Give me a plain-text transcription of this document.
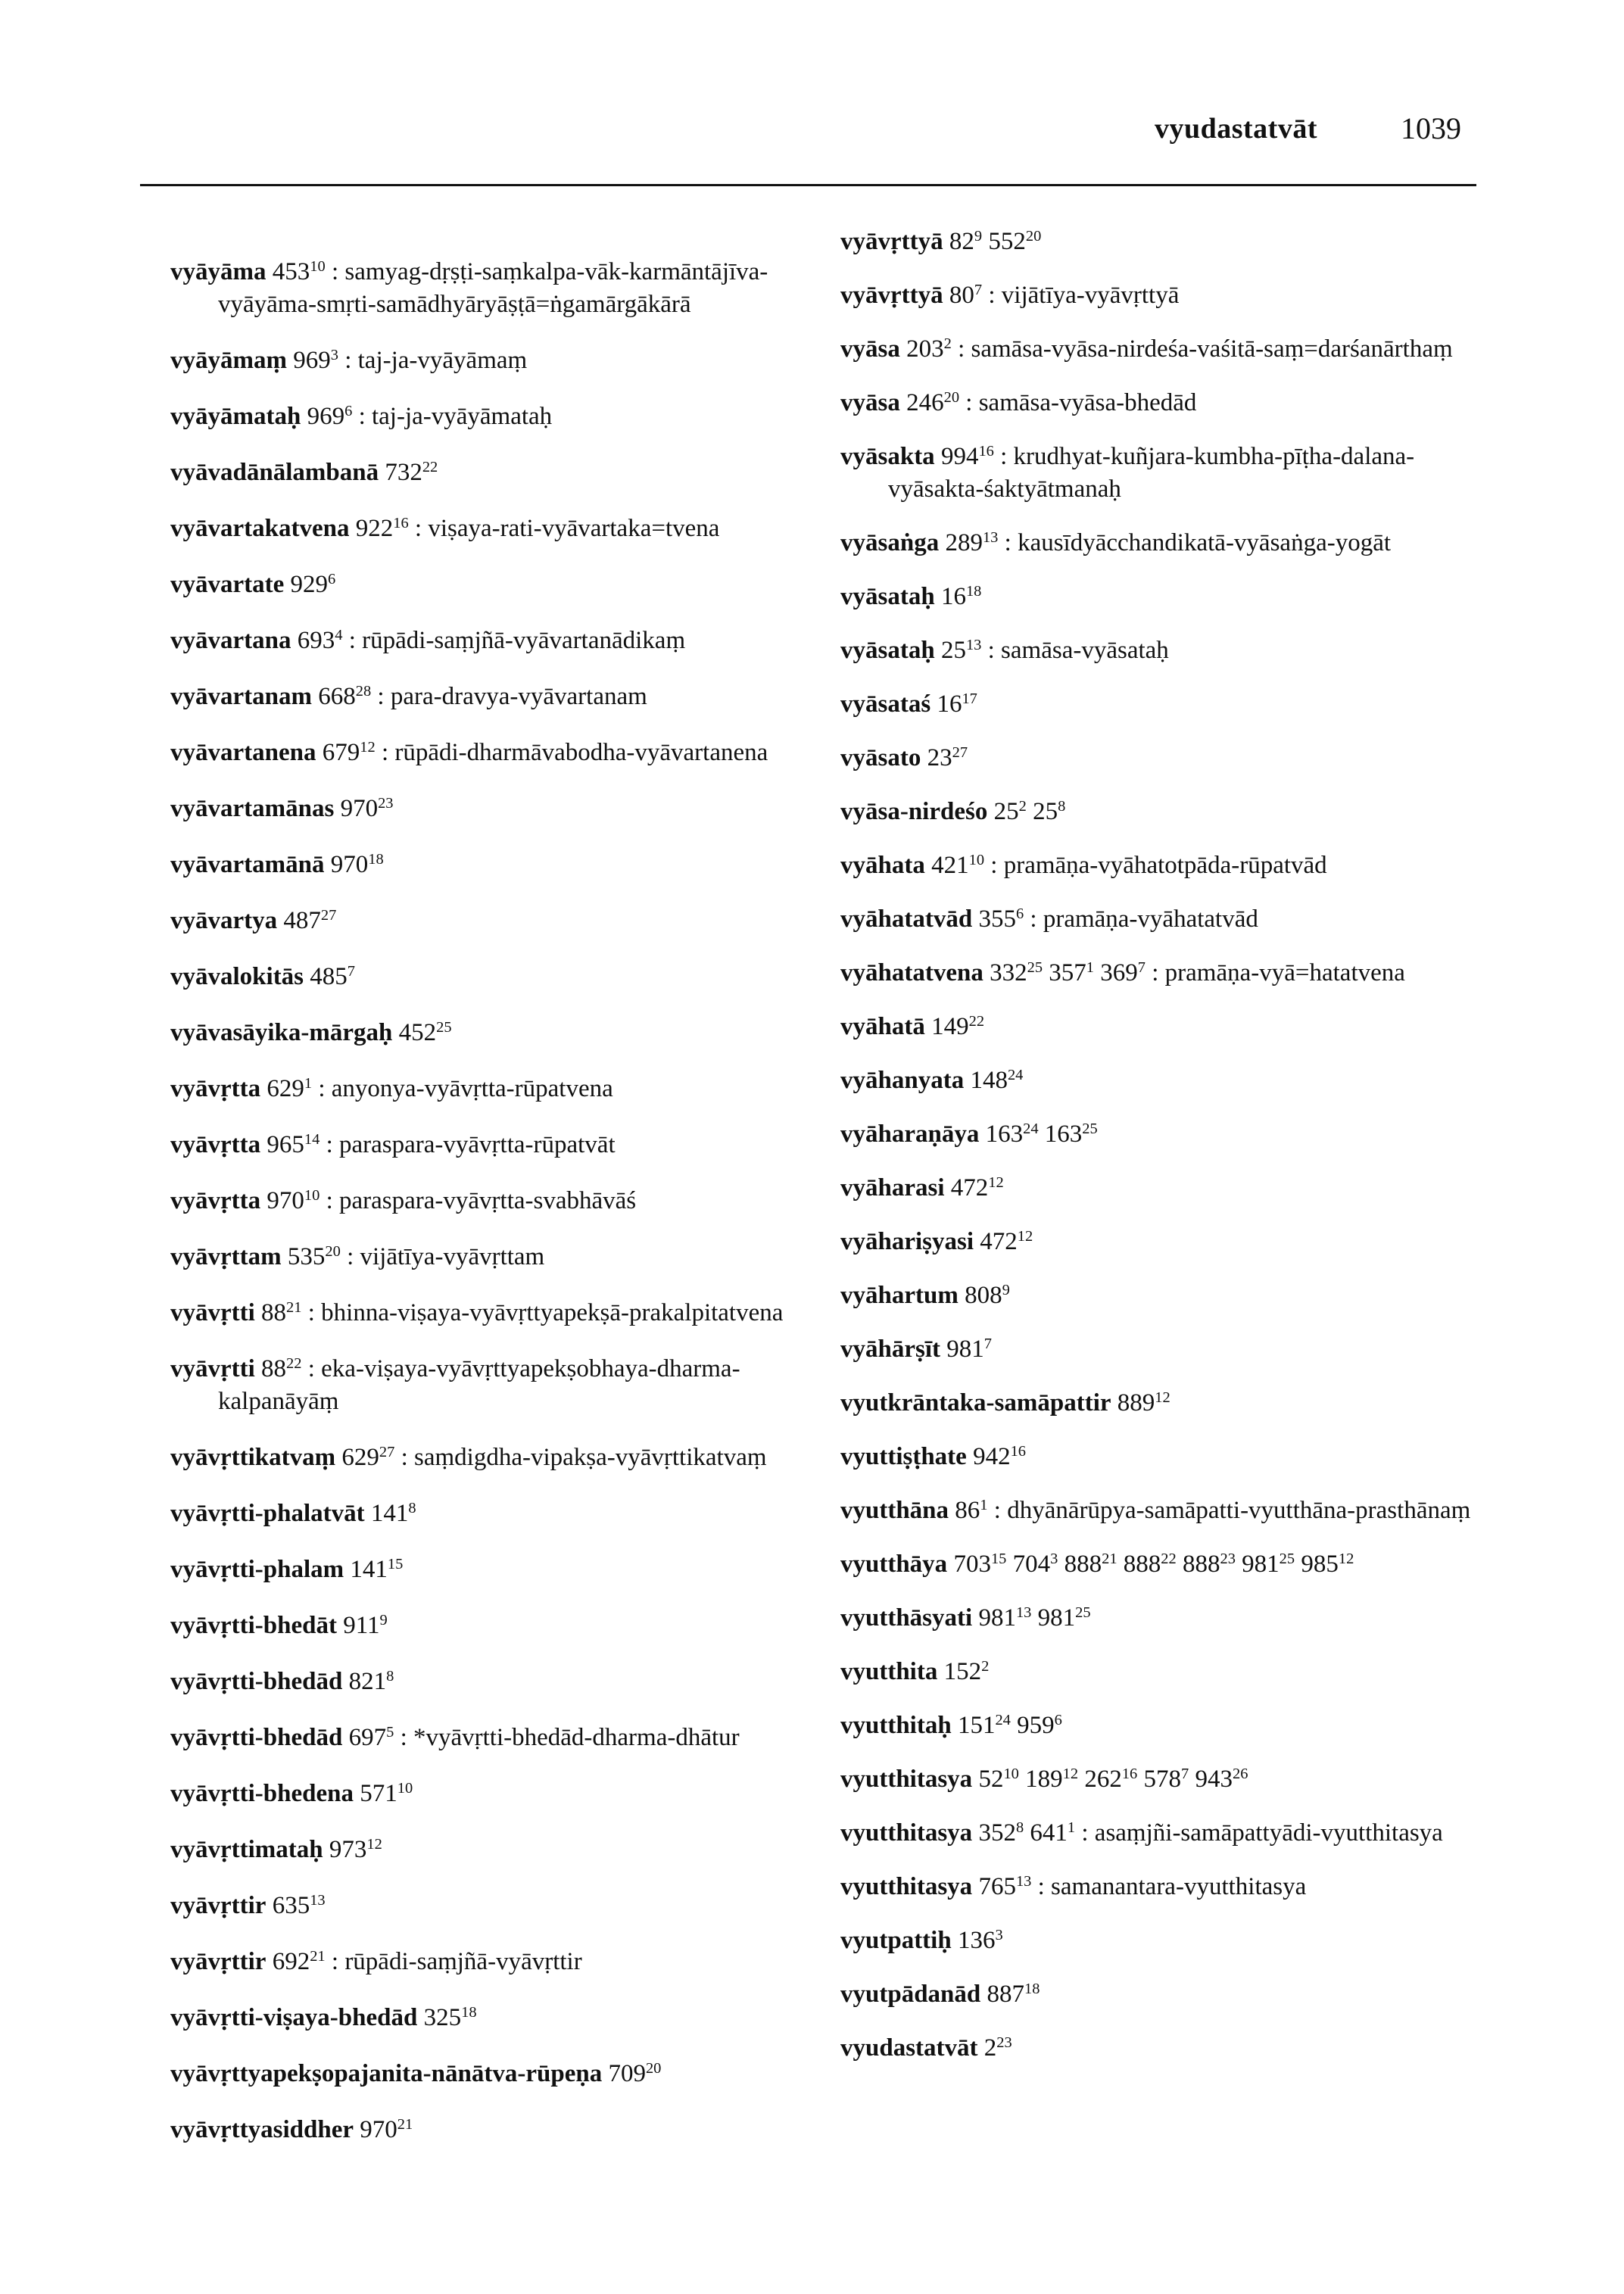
vyudastatvāt	1039
vyāyāma $453^{10}$ : samyag-dṛṣṭi-saṃkalpa-vāk-karmāntājīva-vyāyāma-smṛti-samādhyāryāṣṭā=ṅgamārgākārā
vyāyāmaṃ $969^3$ : taj-ja-vyāyāmaṃ
vyāyāmataḥ $969^6$ : taj-ja-vyāyāmataḥ
vyāvadānālambanā $732^{22}$
vyāvartakatvena $922^{16}$ : viṣaya-rati-vyāvartaka=tvena
vyāvartate $929^6$
vyāvartana $693^4$ : rūpādi-saṃjñā-vyāvartanādikaṃ
vyāvartanam $668^{28}$ : para-dravya-vyāvartanam
vyāvartanena $679^{12}$ : rūpādi-dharmāvabodha-vyāvartanena
vyāvartamānas $970^{23}$
vyāvartamānā $970^{18}$
vyāvartya $487^{27}$
vyāvalokitās $485^7$
vyāvasāyika-mārgaḥ $452^{25}$
vyāvṛtta $629^1$ : anyonya-vyāvṛtta-rūpatvena
vyāvṛtta $965^{14}$ : paraspara-vyāvṛtta-rūpatvāt
vyāvṛtta $970^{10}$ : paraspara-vyāvṛtta-svabhāvāś
vyāvṛttam $535^{20}$ : vijātīya-vyāvṛttam
vyāvṛtti $88^{21}$ : bhinna-viṣaya-vyāvṛttyapekṣā-prakalpitatvena
vyāvṛtti $88^{22}$ : eka-viṣaya-vyāvṛttyapekṣobhaya-dharma-kalpanāyāṃ
vyāvṛttikatvaṃ $629^{27}$ : saṃdigdha-vipakṣa-vyāvṛttikatvaṃ
vyāvṛtti-phalatvāt $141^8$
vyāvṛtti-phalam $141^{15}$
vyāvṛtti-bhedāt $911^9$
vyāvṛtti-bhedād $821^8$
vyāvṛtti-bhedād $697^5$ : *vyāvṛtti-bhedād-dharma-dhātur
vyāvṛtti-bhedena $571^{10}$
vyāvṛttimataḥ $973^{12}$
vyāvṛttir $635^{13}$
vyāvṛttir $692^{21}$ : rūpādi-saṃjñā-vyāvṛttir
vyāvṛtti-viṣaya-bhedād $325^{18}$
vyāvṛttyapekṣopajanita-nānātva-rūpeṇa $709^{20}$
vyāvṛttyasiddher $970^{21}$
vyāvṛttyā $82^9$ $552^{20}$
vyāvṛttyā $80^7$ : vijātīya-vyāvṛttyā
vyāsa $203^2$ : samāsa-vyāsa-nirdeśa-vaśitā-saṃ=darśanārthaṃ
vyāsa $246^{20}$ : samāsa-vyāsa-bhedād
vyāsakta $994^{16}$ : krudhyat-kuñjara-kumbha-pīṭha-dalana-vyāsakta-śaktyātmanaḥ
vyāsaṅga $289^{13}$ : kausīdyācchandikatā-vyāsaṅga-yogāt
vyāsataḥ $16^{18}$
vyāsataḥ $25^{13}$ : samāsa-vyāsataḥ
vyāsataś $16^{17}$
vyāsato $23^{27}$
vyāsa-nirdeśo $25^2$ $25^8$
vyāhata $421^{10}$ : pramāṇa-vyāhatotpāda-rūpatvād
vyāhatatvād $355^6$ : pramāṇa-vyāhatatvād
vyāhatatvena $332^{25}$ $357^1$ $369^7$ : pramāṇa-vyā=hatatvena
vyāhatā $149^{22}$
vyāhanyata $148^{24}$
vyāharaṇāya $163^{24}$ $163^{25}$
vyāharasi $472^{12}$
vyāhariṣyasi $472^{12}$
vyāhartum $808^9$
vyāhārṣīt $981^7$
vyutkrāntaka-samāpattir $889^{12}$
vyuttiṣṭhate $942^{16}$
vyutthāna $86^1$ : dhyānārūpya-samāpatti-vyutthāna-prasthānaṃ
vyutthāya $703^{15}$ $704^3$ $888^{21}$ $888^{22}$ $888^{23}$ $981^{25}$ $985^{12}$
vyutthāsyati $981^{13}$ $981^{25}$
vyutthita $152^2$
vyutthitaḥ $151^{24}$ $959^6$
vyutthitasya $52^{10}$ $189^{12}$ $262^{16}$ $578^7$ $943^{26}$
vyutthitasya $352^8$ $641^1$ : asaṃjñi-samāpattyādi-vyutthitasya
vyutthitasya $765^{13}$ : samanantara-vyutthitasya
vyutpattiḥ $136^3$
vyutpādanād $887^{18}$
vyudastatvāt $2^{23}$
